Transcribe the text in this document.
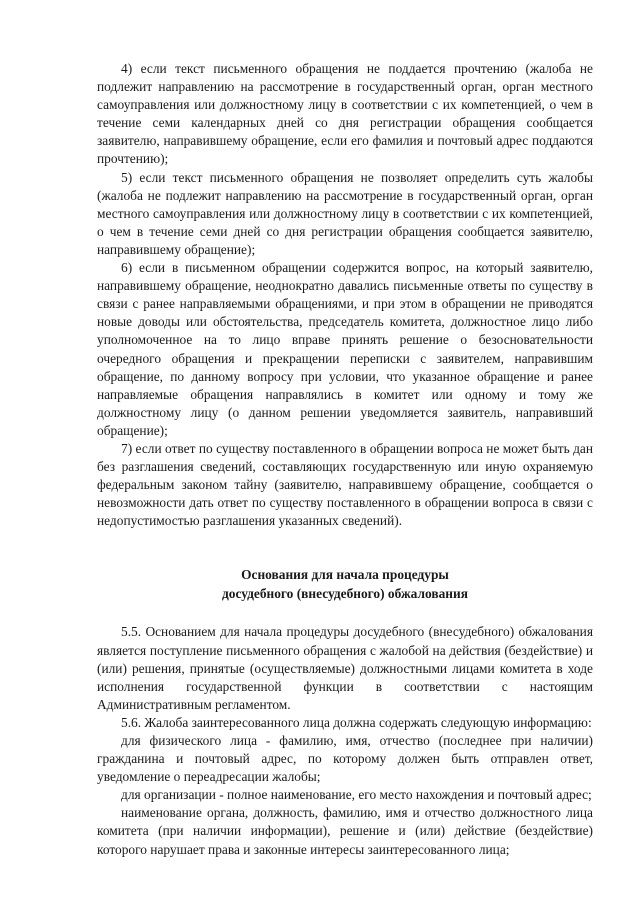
4) если текст письменного обращения не поддается прочтению (жалоба не подлежит направлению на рассмотрение в государственный орган, орган местного самоуправления или должностному лицу в соответствии с их компетенцией, о чем в течение семи календарных дней со дня регистрации обращения сообщается заявителю, направившему обращение, если его фамилия и почтовый адрес поддаются прочтению);

5) если текст письменного обращения не позволяет определить суть жалобы (жалоба не подлежит направлению на рассмотрение в государственный орган, орган местного самоуправления или должностному лицу в соответствии с их компетенцией, о чем в течение семи дней со дня регистрации обращения сообщается заявителю, направившему обращение);

6) если в письменном обращении содержится вопрос, на который заявителю, направившему обращение, неоднократно давались письменные ответы по существу в связи с ранее направляемыми обращениями, и при этом в обращении не приводятся новые доводы или обстоятельства, председатель комитета, должностное лицо либо уполномоченное на то лицо вправе принять решение о безосновательности очередного обращения и прекращении переписки с заявителем, направившим обращение, по данному вопросу при условии, что указанное обращение и ранее направляемые обращения направлялись в комитет или одному и тому же должностному лицу (о данном решении уведомляется заявитель, направивший обращение);

7) если ответ по существу поставленного в обращении вопроса не может быть дан без разглашения сведений, составляющих государственную или иную охраняемую федеральным законом тайну (заявителю, направившему обращение, сообщается о невозможности дать ответ по существу поставленного в обращении вопроса в связи с недопустимостью разглашения указанных сведений).

Основания для начала процедуры

досудебного (внесудебного) обжалования

5.5. Основанием для начала процедуры досудебного (внесудебного) обжалования является поступление письменного обращения с жалобой на действия (бездействие) и (или) решения, принятые (осуществляемые) должностными лицами комитета в ходе исполнения государственной функции в соответствии с настоящим Административным регламентом.

5.6. Жалоба заинтересованного лица должна содержать следующую информацию:

для физического лица - фамилию, имя, отчество (последнее при наличии) гражданина и почтовый адрес, по которому должен быть отправлен ответ, уведомление о переадресации жалобы;

для организации - полное наименование, его место нахождения и почтовый адрес;

наименование органа, должность, фамилию, имя и отчество должностного лица комитета (при наличии информации), решение и (или) действие (бездействие) которого нарушает права и законные интересы заинтересованного лица;
